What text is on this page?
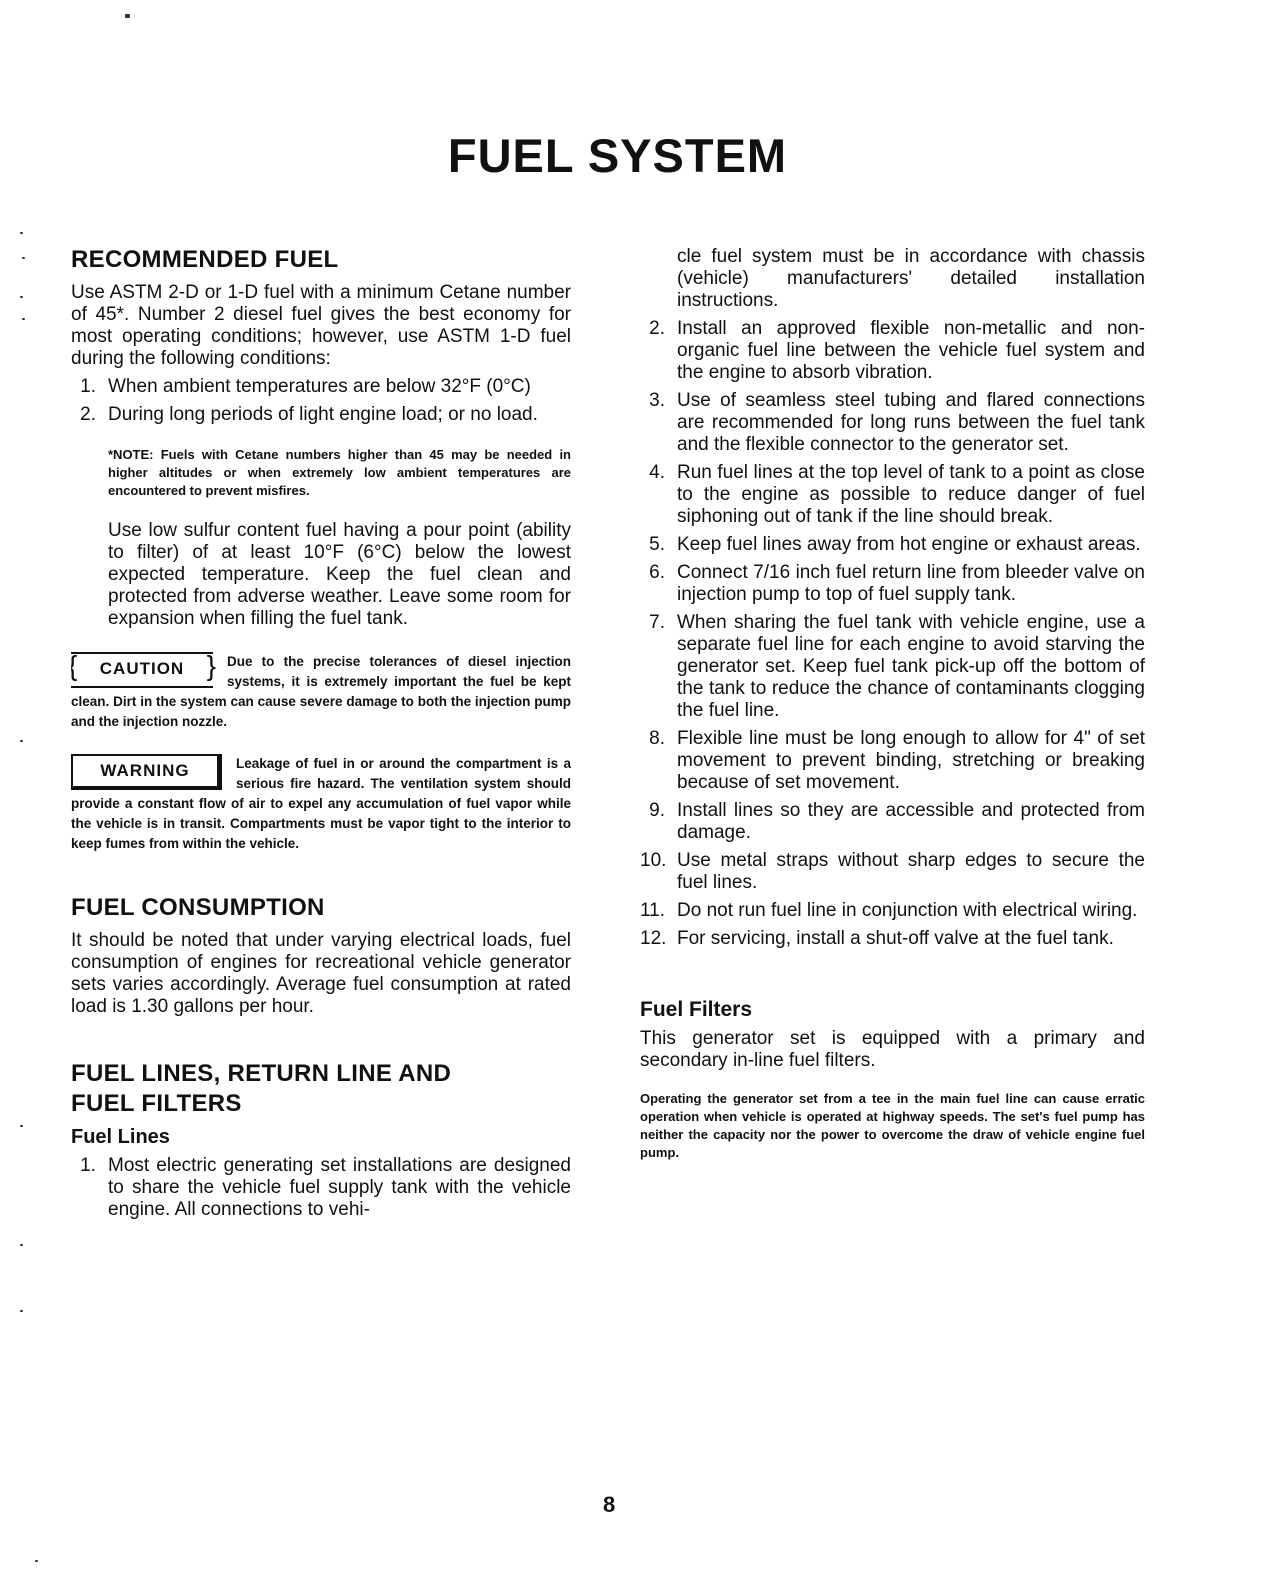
FUEL SYSTEM
RECOMMENDED FUEL

Use ASTM 2-D or 1-D fuel with a minimum Cetane number of 45*. Number 2 diesel fuel gives the best economy for most operating conditions; however, use ASTM 1-D fuel during the following conditions:

1. When ambient temperatures are below 32°F (0°C)
2. During long periods of light engine load; or no load.

*NOTE: Fuels with Cetane numbers higher than 45 may be needed in higher altitudes or when extremely low ambient temperatures are encountered to prevent misfires.

Use low sulfur content fuel having a pour point (ability to filter) of at least 10°F (6°C) below the lowest expected temperature. Keep the fuel clean and protected from adverse weather. Leave some room for expansion when filling the fuel tank.

} CAUTION }	Due to the precise tolerances of diesel injection systems, it is extremely important the fuel be kept clean. Dirt in the system can cause severe damage to both the injection pump and the injection nozzle.

WARNING	Leakage of fuel in or around the compartment is a serious fire hazard. The ventilation system should provide a constant flow of air to expel any accumulation of fuel vapor while the vehicle is in transit. Compartments must be vapor tight to the interior to keep fumes from within the vehicle.

FUEL CONSUMPTION

It should be noted that under varying electrical loads, fuel consumption of engines for recreational vehicle generator sets varies accordingly. Average fuel consumption at rated load is 1.30 gallons per hour.

FUEL LINES, RETURN LINE AND
FUEL FILTERS
Fuel Lines
1. Most electric generating set installations are designed to share the vehicle fuel supply tank with the vehicle engine. All connections to vehi-

cle fuel system must be in accordance with chassis (vehicle) manufacturers' detailed installation instructions.

2. Install an approved flexible non-metallic and non-organic fuel line between the vehicle fuel system and the engine to absorb vibration.
3. Use of seamless steel tubing and flared connections are recommended for long runs between the fuel tank and the flexible connector to the generator set.
4. Run fuel lines at the top level of tank to a point as close to the engine as possible to reduce danger of fuel siphoning out of tank if the line should break.
5. Keep fuel lines away from hot engine or exhaust areas.
6. Connect 7/16 inch fuel return line from bleeder valve on injection pump to top of fuel supply tank.
7. When sharing the fuel tank with vehicle engine, use a separate fuel line for each engine to avoid starving the generator set. Keep fuel tank pick-up off the bottom of the tank to reduce the chance of contaminants clogging the fuel line.
8. Flexible line must be long enough to allow for 4" of set movement to prevent binding, stretching or breaking because of set movement.
9. Install lines so they are accessible and protected from damage.
10. Use metal straps without sharp edges to secure the fuel lines.
11. Do not run fuel line in conjunction with electrical wiring.
12. For servicing, install a shut-off valve at the fuel tank.
Fuel Filters

This generator set is equipped with a primary and secondary in-line fuel filters.

Operating the generator set from a tee in the main fuel line can cause erratic operation when vehicle is operated at highway speeds. The set's fuel pump has neither the capacity nor the power to overcome the draw of vehicle engine fuel pump.

8
